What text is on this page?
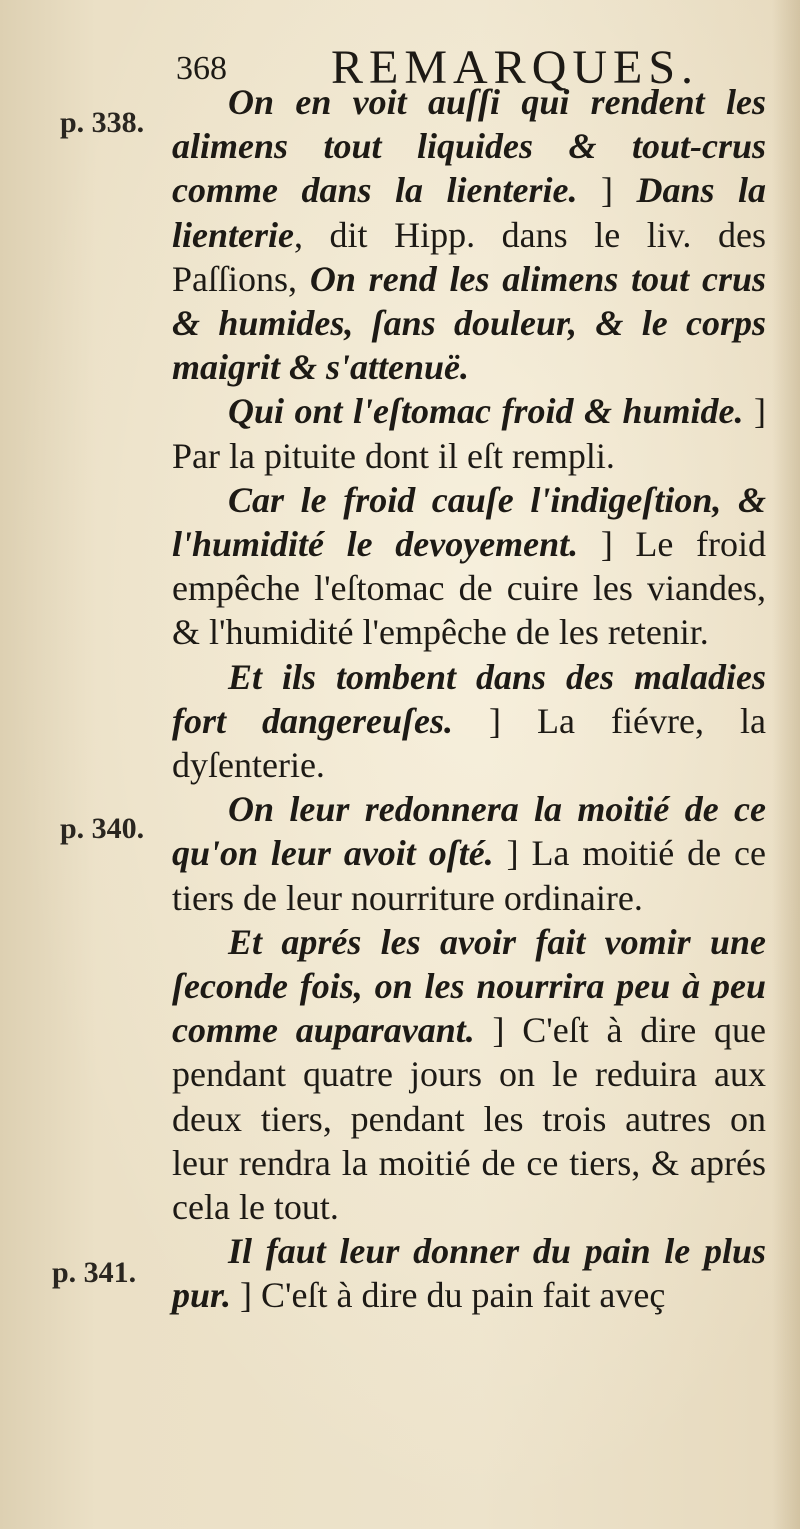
368 REMARQUES.
p. 338.
p. 340.
p. 341.

On en voit auſſi qui rendent les alimens tout liquides & tout-crus comme dans la lienterie. ] Dans la lienterie, dit Hipp. dans le liv. des Paſſions, On rend les alimens tout crus & humides, ſans douleur, & le corps maigrit & s'attenuë.

Qui ont l'eſtomac froid & humide. ] Par la pituite dont il eſt rempli.

Car le froid cauſe l'indigeſtion, & l'humidité le devoyement. ] Le froid empêche l'eſtomac de cuire les viandes, & l'humidité l'empêche de les retenir.

Et ils tombent dans des maladies fort dangereuſes. ] La fiévre, la dyſenterie.

On leur redonnera la moitié de ce qu'on leur avoit oſté. ] La moitié de ce tiers de leur nourriture ordinaire.

Et aprés les avoir fait vomir une ſeconde fois, on les nourrira peu à peu comme auparavant. ] C'eſt à dire que pendant quatre jours on le reduira aux deux tiers, pendant les trois autres on leur rendra la moitié de ce tiers, & aprés cela le tout.

Il faut leur donner du pain le plus pur. ] C'eſt à dire du pain fait aveç
